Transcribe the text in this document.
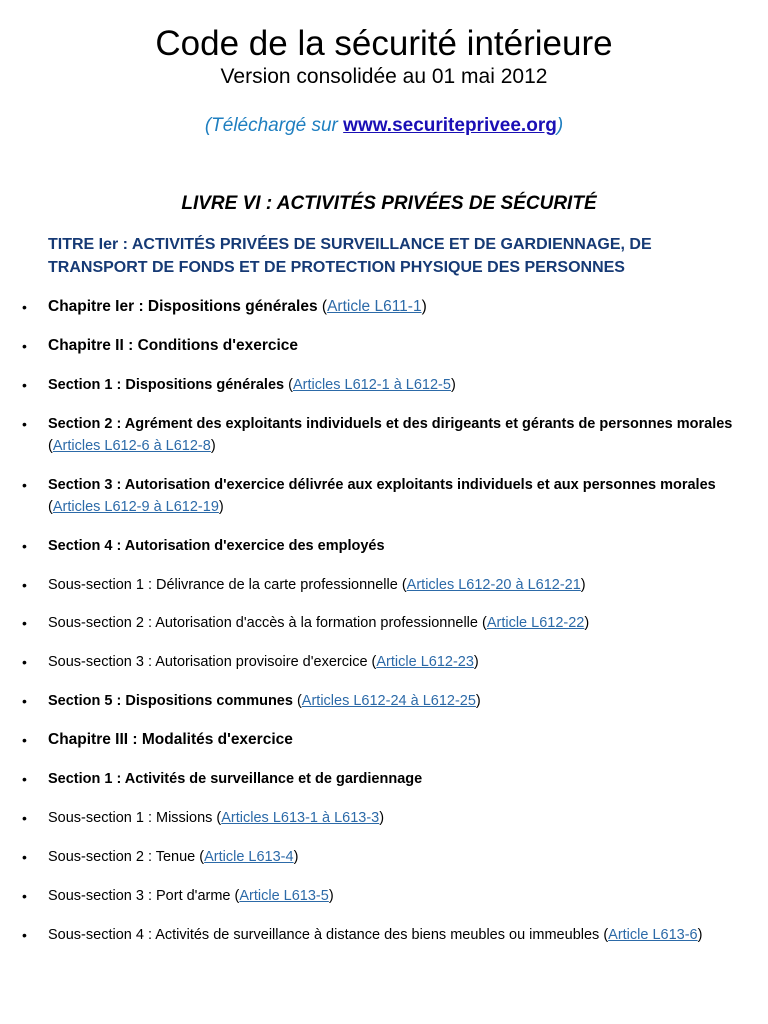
Code de la sécurité intérieure
Version consolidée au 01 mai 2012
(Téléchargé sur www.securiteprivee.org)
LIVRE VI : ACTIVITÉS PRIVÉES DE SÉCURITÉ
TITRE Ier : ACTIVITÉS PRIVÉES DE SURVEILLANCE ET DE GARDIENNAGE, DE TRANSPORT DE FONDS ET DE PROTECTION PHYSIQUE DES PERSONNES
• Chapitre Ier : Dispositions générales (Article L611-1)
• Chapitre II : Conditions d'exercice
• Section 1 : Dispositions générales (Articles L612-1 à L612-5)
• Section 2 : Agrément des exploitants individuels et des dirigeants et gérants de personnes morales (Articles L612-6 à L612-8)
• Section 3 : Autorisation d'exercice délivrée aux exploitants individuels et aux personnes morales (Articles L612-9 à L612-19)
• Section 4 : Autorisation d'exercice des employés
• Sous-section 1 : Délivrance de la carte professionnelle (Articles L612-20 à L612-21)
• Sous-section 2 : Autorisation d'accès à la formation professionnelle (Article L612-22)
• Sous-section 3 : Autorisation provisoire d'exercice (Article L612-23)
• Section 5 : Dispositions communes (Articles L612-24 à L612-25)
• Chapitre III : Modalités d'exercice
• Section 1 : Activités de surveillance et de gardiennage
• Sous-section 1 : Missions (Articles L613-1 à L613-3)
• Sous-section 2 : Tenue (Article L613-4)
• Sous-section 3 : Port d'arme (Article L613-5)
• Sous-section 4 : Activités de surveillance à distance des biens meubles ou immeubles (Article L613-6)
